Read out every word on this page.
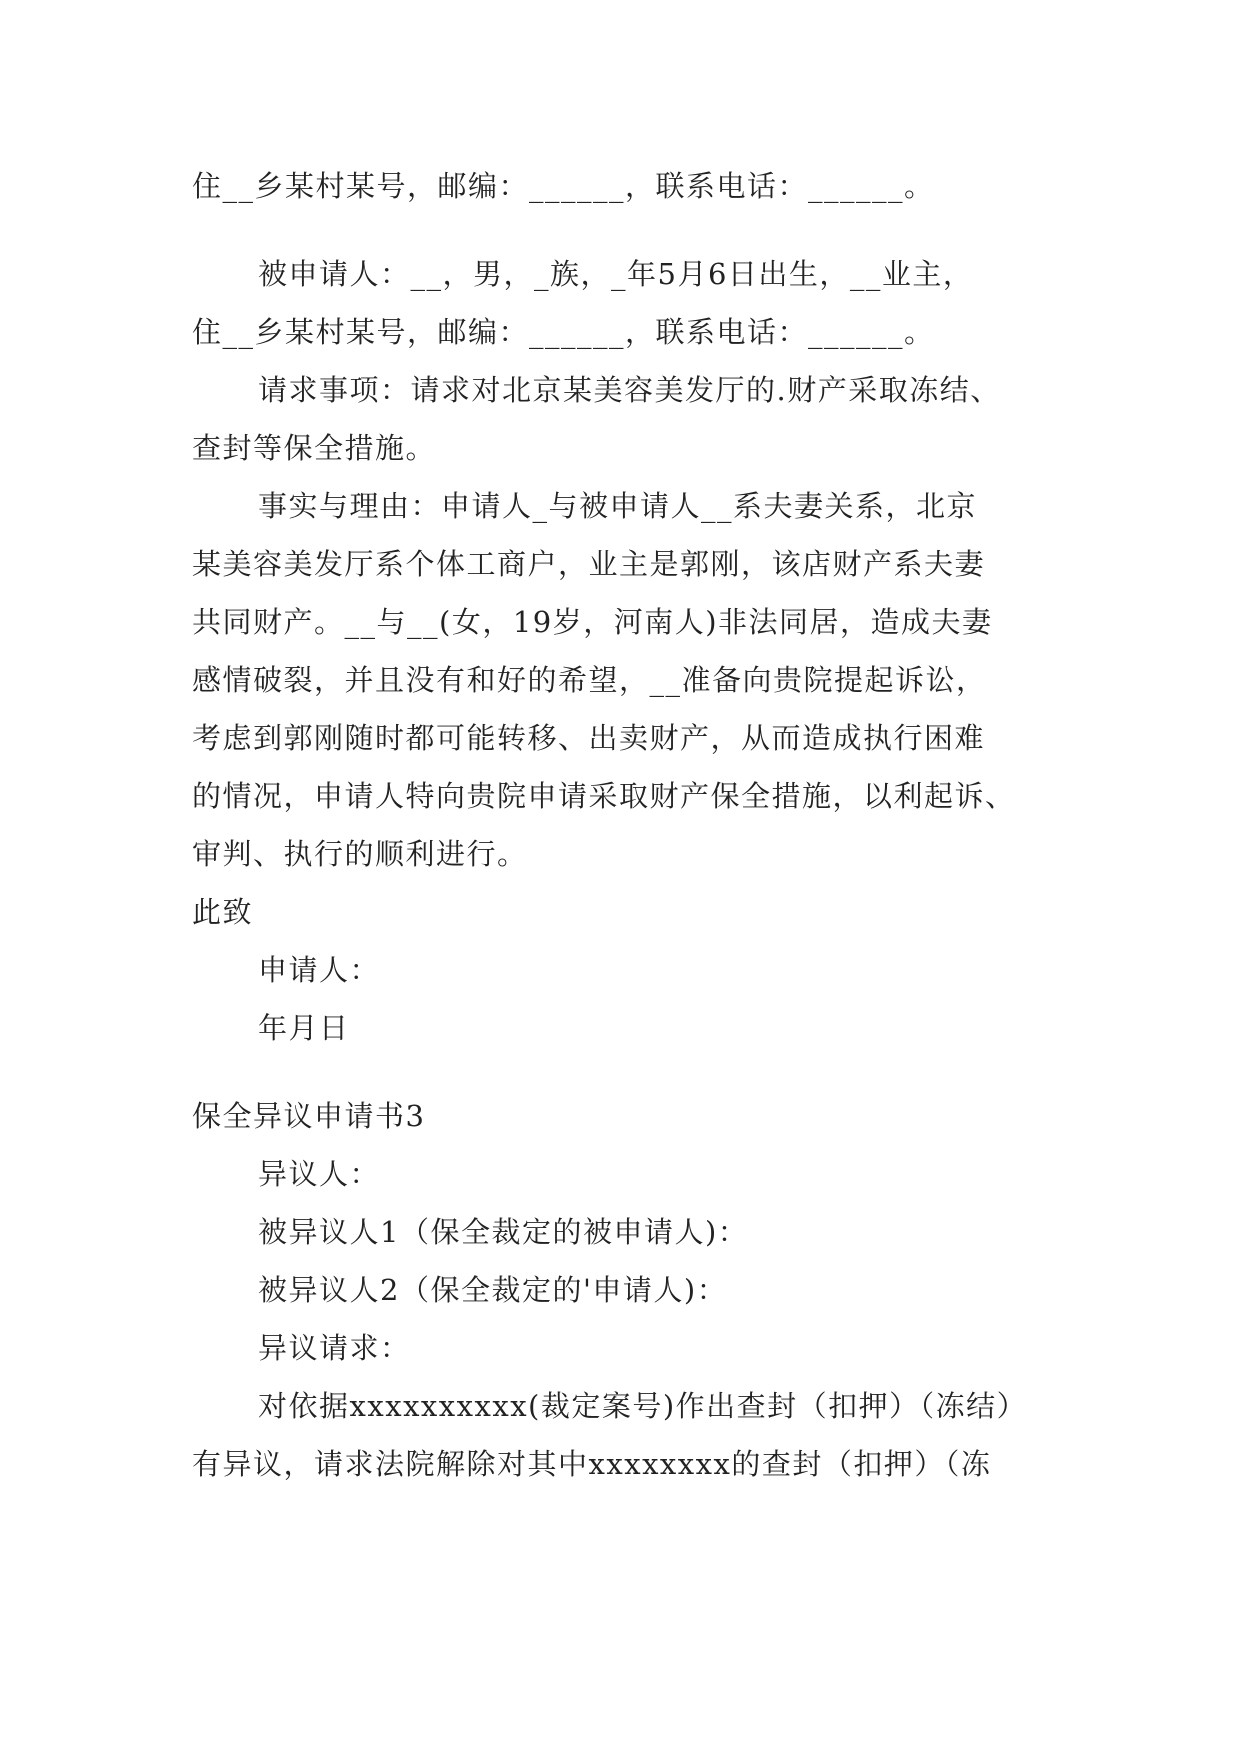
住__乡某村某号，邮编：______，联系电话：______。
被申请人：__，男，_族，_年5月6日出生，__业主，
住__乡某村某号，邮编：______，联系电话：______。
请求事项：请求对北京某美容美发厅的.财产采取冻结、
查封等保全措施。
事实与理由：申请人_与被申请人__系夫妻关系，北京
某美容美发厅系个体工商户，业主是郭刚，该店财产系夫妻
共同财产。__与__(女，19岁，河南人)非法同居，造成夫妻
感情破裂，并且没有和好的希望，__准备向贵院提起诉讼，
考虑到郭刚随时都可能转移、出卖财产，从而造成执行困难
的情况，申请人特向贵院申请采取财产保全措施，以利起诉、
审判、执行的顺利进行。
此致
申请人：
年月日
保全异议申请书3
异议人：
被异议人1（保全裁定的被申请人)：
被异议人2（保全裁定的'申请人)：
异议请求：
对依据xxxxxxxxxx(裁定案号)作出查封（扣押）（冻结）
有异议，请求法院解除对其中xxxxxxxx的查封（扣押）（冻
